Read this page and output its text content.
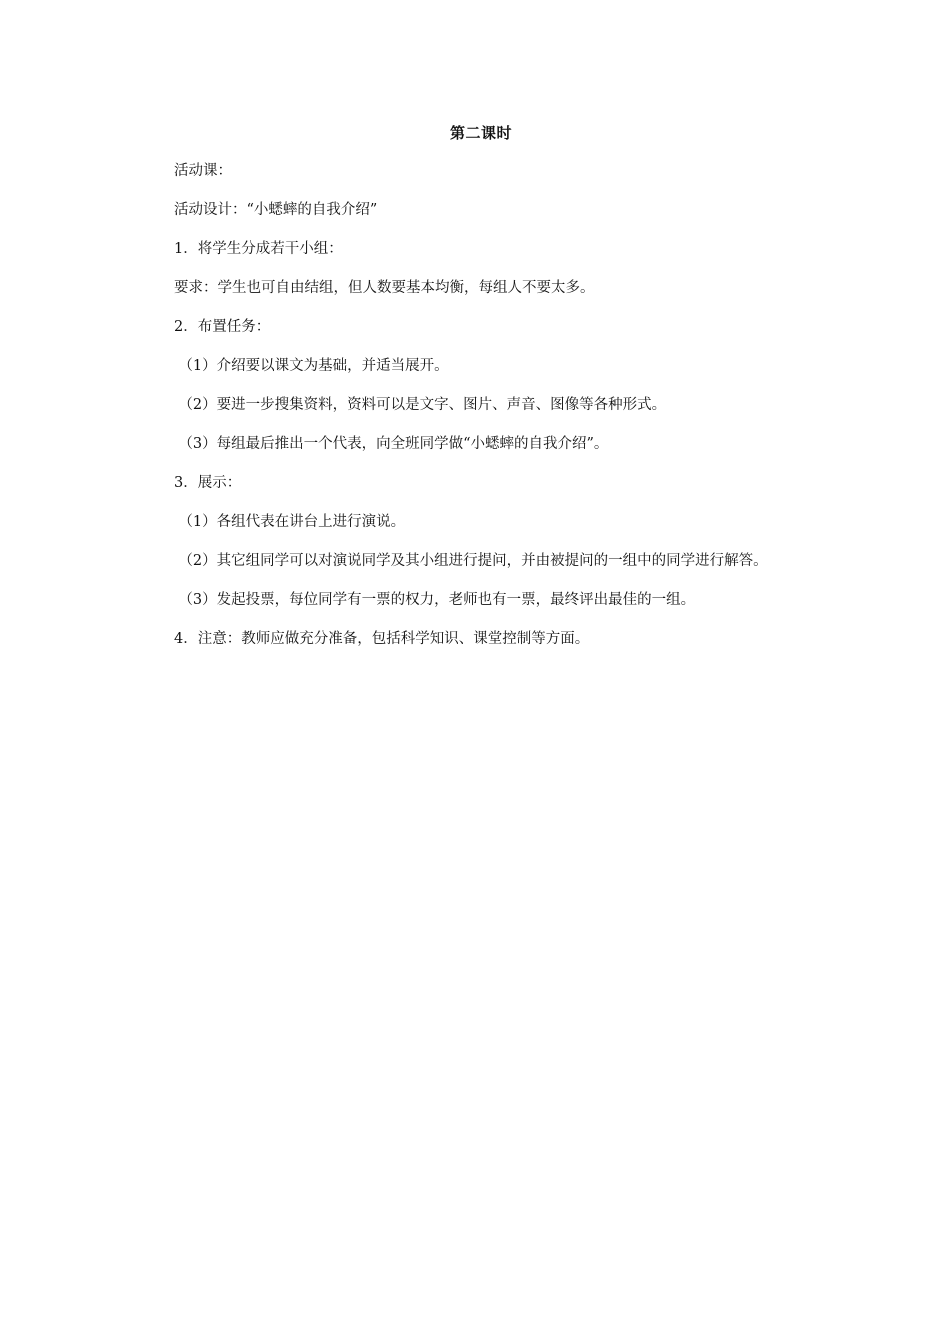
第二课时

活动课：

活动设计：“小蟋蟀的自我介绍”

1．将学生分成若干小组：

要求：学生也可自由结组，但人数要基本均衡，每组人不要太多。

2．布置任务：

（1）介绍要以课文为基础，并适当展开。

（2）要进一步搜集资料，资料可以是文字、图片、声音、图像等各种形式。

（3）每组最后推出一个代表，向全班同学做“小蟋蟀的自我介绍”。

3．展示：

（1）各组代表在讲台上进行演说。

（2）其它组同学可以对演说同学及其小组进行提问，并由被提问的一组中的同学进行解答。

（3）发起投票，每位同学有一票的权力，老师也有一票，最终评出最佳的一组。

4．注意：教师应做充分准备，包括科学知识、课堂控制等方面。
